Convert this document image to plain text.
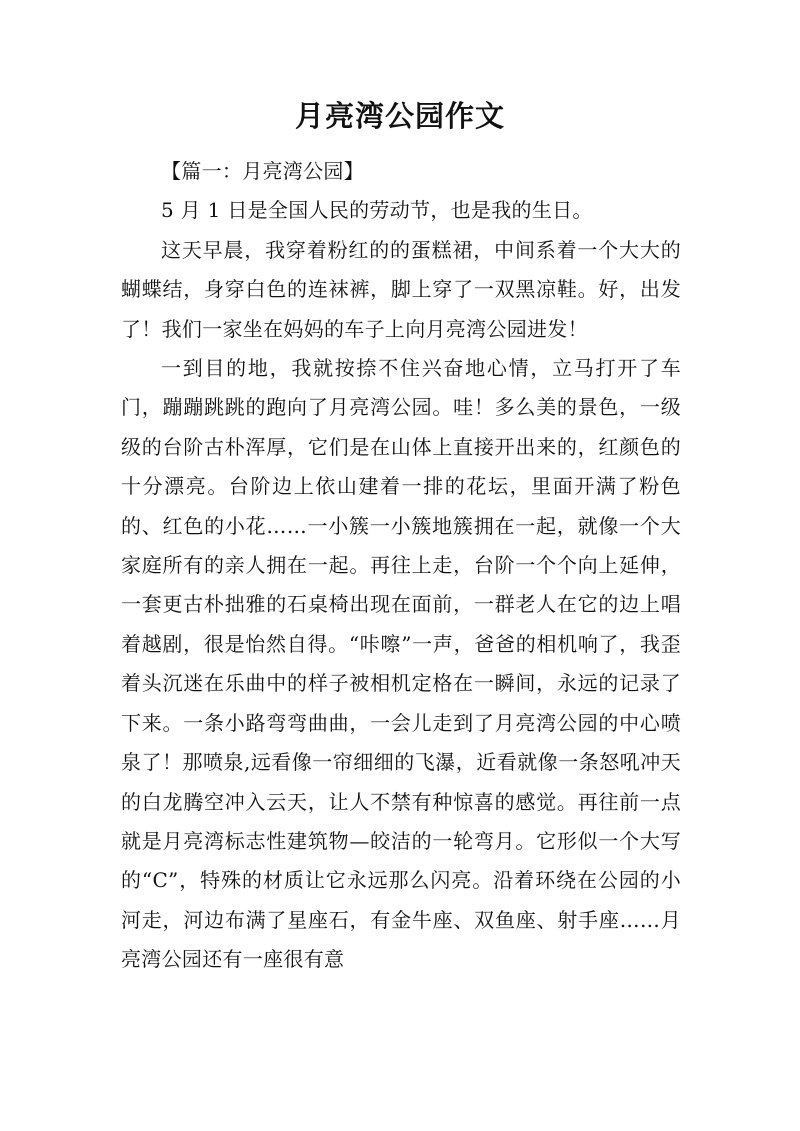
月亮湾公园作文

【篇一：月亮湾公园】

5 月 1 日是全国人民的劳动节，也是我的生日。

这天早晨，我穿着粉红的的蛋糕裙，中间系着一个大大的蝴蝶结，身穿白色的连袜裤，脚上穿了一双黑凉鞋。好，出发了！我们一家坐在妈妈的车子上向月亮湾公园进发！

一到目的地，我就按捺不住兴奋地心情，立马打开了车门，蹦蹦跳跳的跑向了月亮湾公园。哇！多么美的景色，一级级的台阶古朴浑厚，它们是在山体上直接开出来的，红颜色的十分漂亮。台阶边上依山建着一排的花坛，里面开满了粉色的、红色的小花……一小簇一小簇地簇拥在一起，就像一个大家庭所有的亲人拥在一起。再往上走，台阶一个个向上延伸，一套更古朴拙雅的石桌椅出现在面前，一群老人在它的边上唱着越剧，很是怡然自得。“咔嚓”一声，爸爸的相机响了，我歪着头沉迷在乐曲中的样子被相机定格在一瞬间，永远的记录了下来。一条小路弯弯曲曲，一会儿走到了月亮湾公园的中心喷泉了！那喷泉,远看像一帘细细的飞瀑，近看就像一条怒吼冲天的白龙腾空冲入云天，让人不禁有种惊喜的感觉。再往前一点就是月亮湾标志性建筑物—皎洁的一轮弯月。它形似一个大写的“C”，特殊的材质让它永远那么闪亮。沿着环绕在公园的小河走，河边布满了星座石，有金牛座、双鱼座、射手座……月亮湾公园还有一座很有意
